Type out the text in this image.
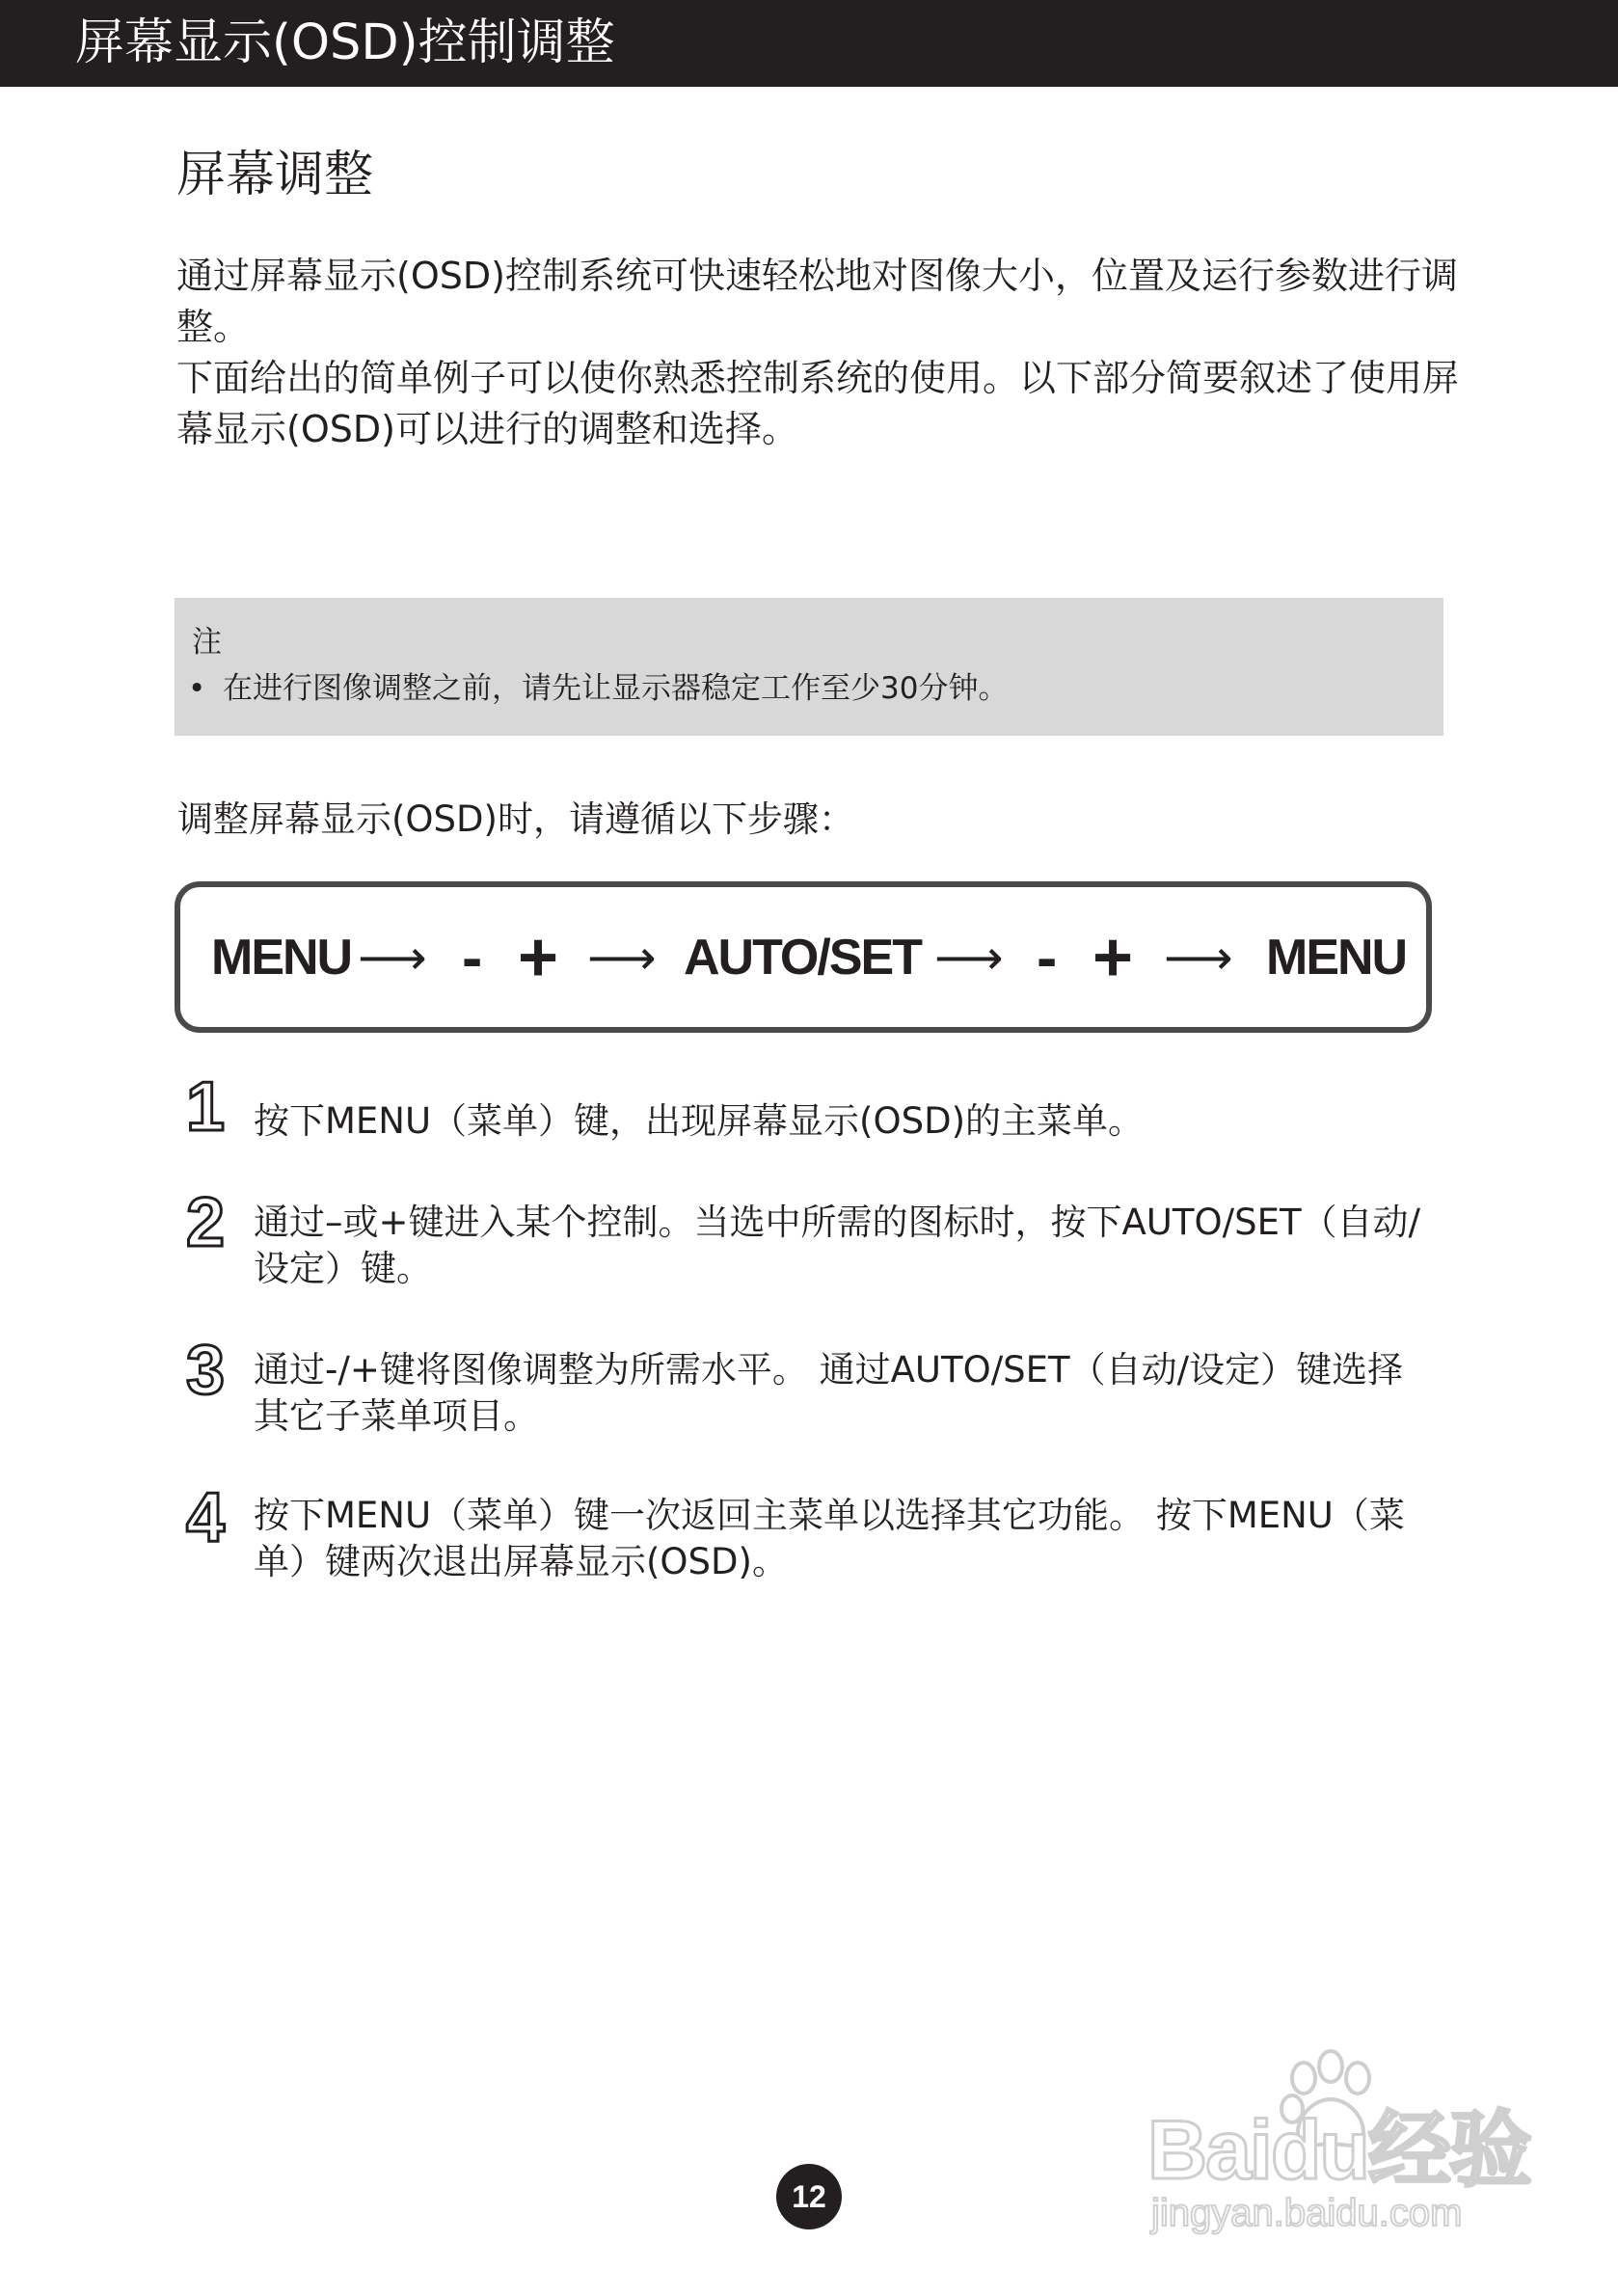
屏幕显示(OSD)控制调整
屏幕调整

通过屏幕显示(OSD)控制系统可快速轻松地对图像大小，位置及运行参数进行调整。

下面给出的简单例子可以使你熟悉控制系统的使用。以下部分简要叙述了使用屏幕显示(OSD)可以进行的调整和选择。

注
• 在进行图像调整之前，请先让显示器稳定工作至少30分钟。
调整屏幕显示(OSD)时，请遵循以下步骤：
MENU ⟶ - + ⟶ AUTO/SET ⟶ - + ⟶ MENU
1 按下MENU（菜单）键，出现屏幕显示(OSD)的主菜单。
2 通过–或+键进入某个控制。当选中所需的图标时，按下AUTO/SET（自动/设定）键。
3 通过-/+键将图像调整为所需水平。 通过AUTO/SET（自动/设定）键选择其它子菜单项目。
4 按下MENU（菜单）键一次返回主菜单以选择其它功能。 按下MENU（菜单）键两次退出屏幕显示(OSD)。
Baidu经验
jingyan.baidu.com
12
